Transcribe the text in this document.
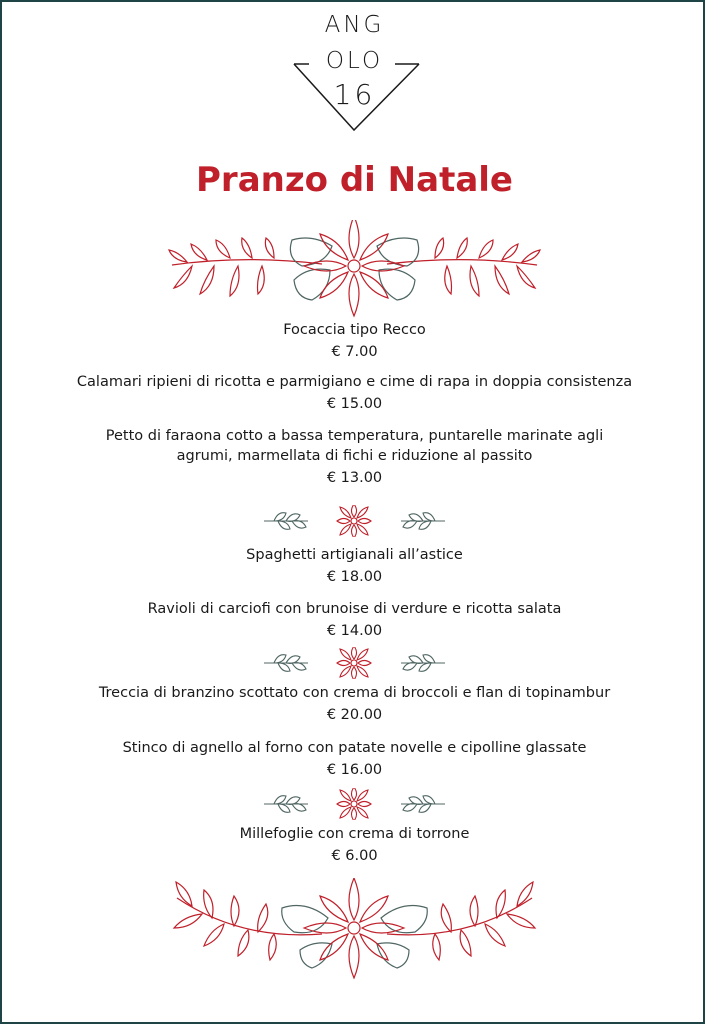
ANG
OLO
16
Pranzo di Natale
Focaccia tipo Recco
€ 7.00
Calamari ripieni di ricotta e parmigiano e cime di rapa in doppia consistenza
€ 15.00
Petto di faraona cotto a bassa temperatura, puntarelle marinate agli agrumi, marmellata di fichi e riduzione al passito
€ 13.00
Spaghetti artigianali all’astice
€ 18.00
Ravioli di carciofi con brunoise di verdure e ricotta salata
€ 14.00
Treccia di branzino scottato con crema di broccoli e flan di topinambur
€ 20.00
Stinco di agnello al forno con patate novelle e cipolline glassate
€ 16.00
Millefoglie con crema di torrone
€ 6.00
